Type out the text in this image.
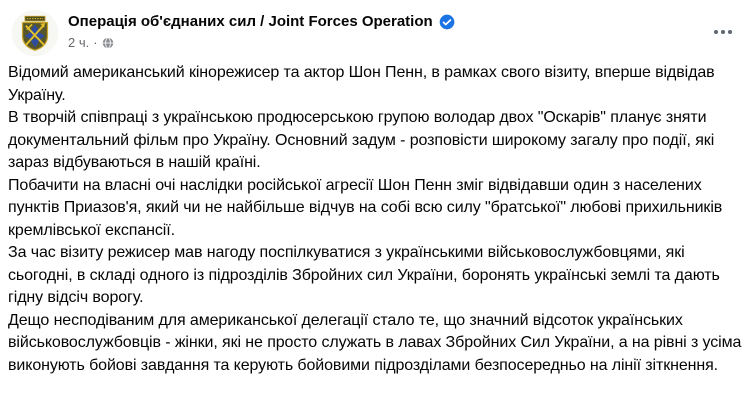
Операція об'єднаних сил / Joint Forces Operation
2 ч. ·

Відомий американський кінорежисер та актор Шон Пенн, в рамках свого візиту, вперше відвідав Україну.

В творчій співпраці з українською продюсерською групою володар двох "Оскарів" планує зняти документальний фільм про Україну. Основний задум - розповісти широкому загалу про події, які зараз відбуваються в нашій країні.

Побачити на власні очі наслідки російської агресії Шон Пенн зміг відвідавши один з населених пунктів Приазов'я, який чи не найбільше відчув на собі всю силу "братської" любові прихильників кремлівської експансії.

За час візиту режисер мав нагоду поспілкуватися з українськими військовослужбовцями, які сьогодні, в складі одного із підрозділів Збройних сил України, боронять українські землі та дають гідну відсіч ворогу.

Дещо несподіваним для американської делегації стало те, що значний відсоток українських військовослужбовців - жінки, які не просто служать в лавах Збройних Сил України, а на рівні з усіма виконують бойові завдання та керують бойовими підрозділами безпосередньо на лінії зіткнення.
